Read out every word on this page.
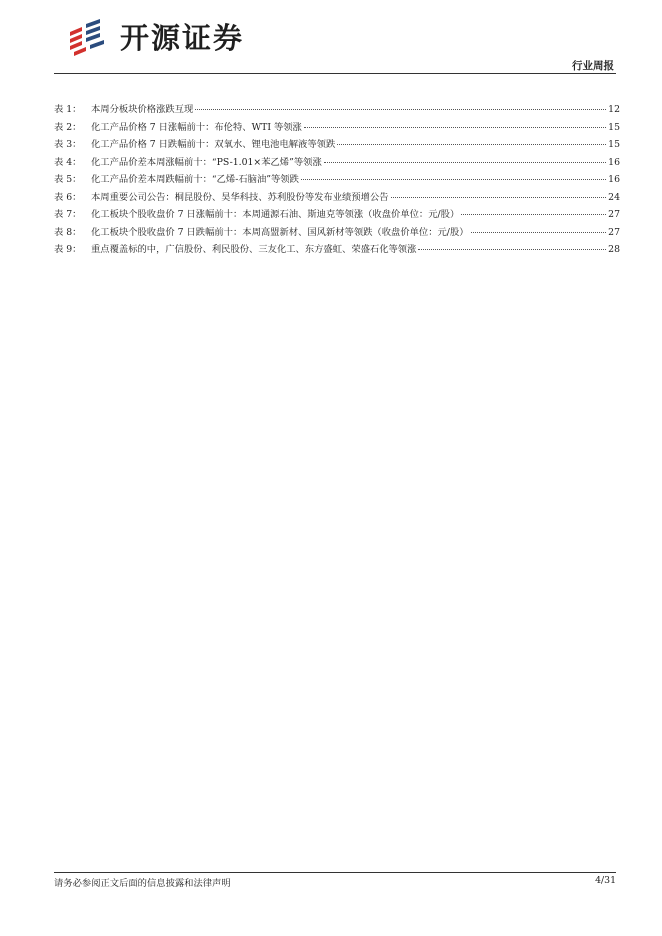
开源证券
行业周报
表 1：	本周分板块价格涨跌互现	12
表 2：	化工产品价格 7 日涨幅前十：布伦特、WTI 等领涨	15
表 3：	化工产品价格 7 日跌幅前十：双氧水、锂电池电解液等领跌	15
表 4：	化工产品价差本周涨幅前十：“PS-1.01×苯乙烯”等领涨	16
表 5：	化工产品价差本周跌幅前十：“乙烯-石脑油”等领跌	16
表 6：	本周重要公司公告：桐昆股份、昊华科技、苏利股份等发布业绩预增公告	24
表 7：	化工板块个股收盘价 7 日涨幅前十：本周通源石油、斯迪克等领涨（收盘价单位：元/股）	27
表 8：	化工板块个股收盘价 7 日跌幅前十：本周高盟新材、国风新材等领跌（收盘价单位：元/股）	27
表 9：	重点覆盖标的中，广信股份、利民股份、三友化工、东方盛虹、荣盛石化等领涨	28
请务必参阅正文后面的信息披露和法律声明	4/31
